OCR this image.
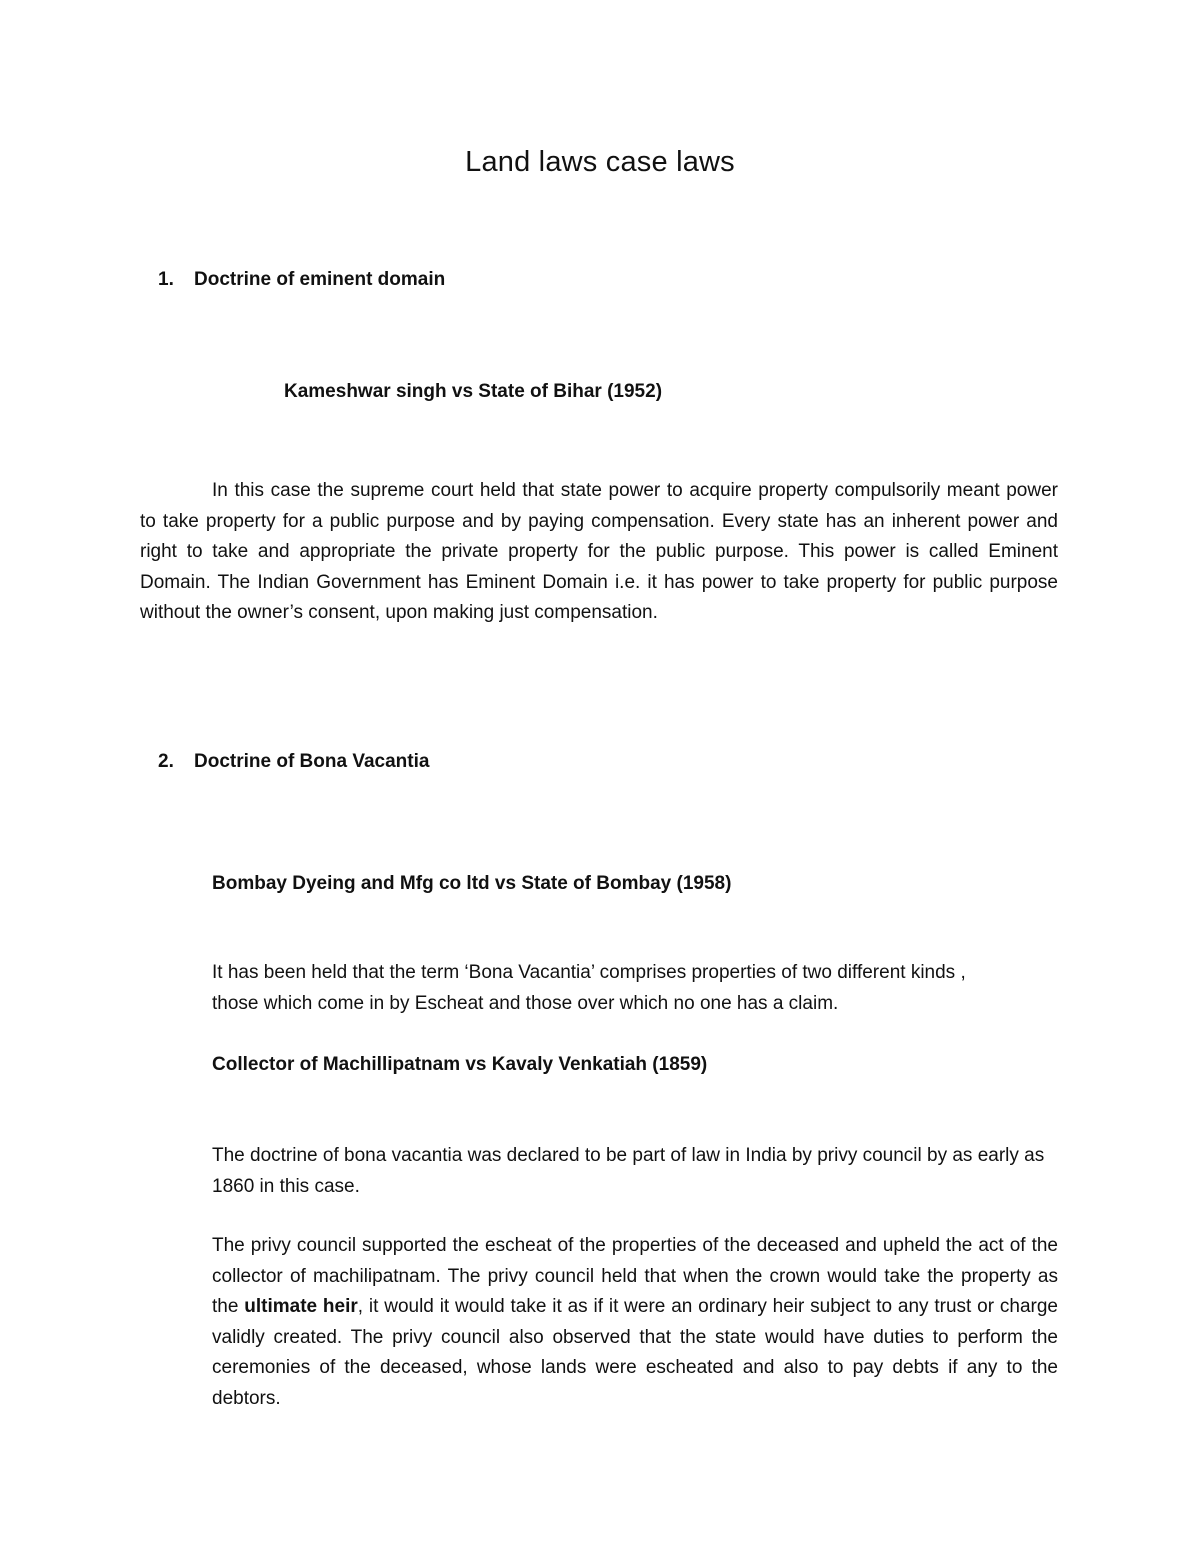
Land laws case laws
1. Doctrine of eminent domain
Kameshwar singh vs State of Bihar (1952)

In this case the supreme court held that state power to acquire property compulsorily meant power to take property for a public purpose and by paying compensation. Every state has an inherent power and right to take and appropriate the private property for the public purpose. This power is called Eminent Domain. The Indian Government has Eminent Domain i.e. it has power to take property for public purpose without the owner’s consent, upon making just compensation.

2. Doctrine of Bona Vacantia
Bombay Dyeing and Mfg co ltd vs State of Bombay (1958)

It has been held that the term ‘Bona Vacantia’ comprises properties of two different kinds , those which come in by Escheat and those over which no one has a claim.

Collector of Machillipatnam vs Kavaly Venkatiah (1859)

The doctrine of bona vacantia was declared to be part of law in India by privy council by as early as 1860 in this case.

The privy council supported the escheat of the properties of the deceased and upheld the act of the collector of machilipatnam. The privy council held that when the crown would take the property as the ultimate heir, it would it would take it as if it were an ordinary heir subject to any trust or charge validly created. The privy council also observed that the state would have duties to perform the ceremonies of the deceased, whose lands were escheated and also to pay debts if any to the debtors.
